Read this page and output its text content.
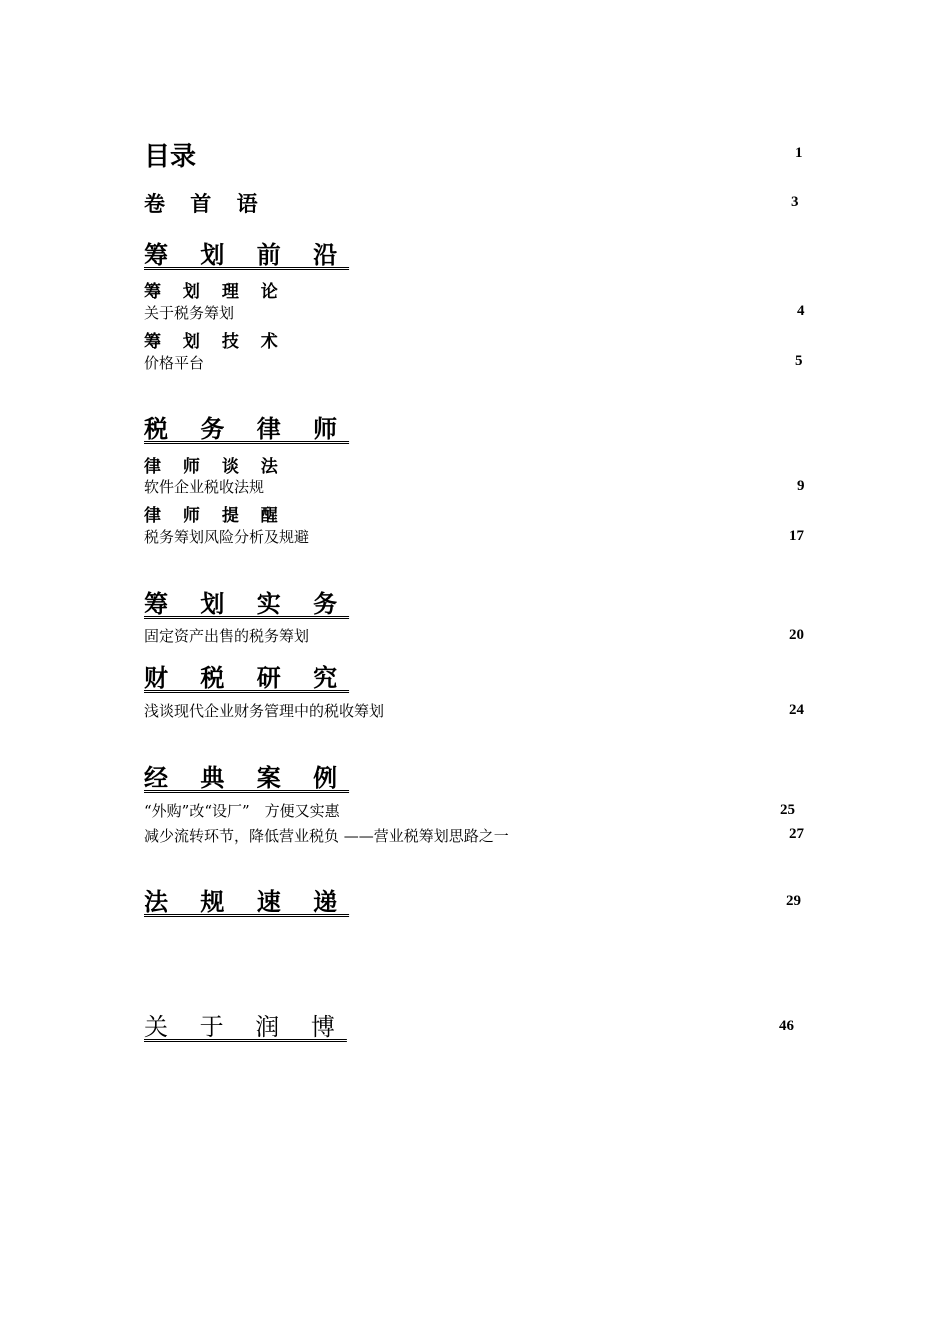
目录	1
卷 首 语	3
筹 划 前 沿
筹 划 理 论
关于税务筹划	4
筹 划 技 术
价格平台	5
税 务 律 师
律 师 谈 法
软件企业税收法规	9
律 师 提 醒
税务筹划风险分析及规避	17
筹 划 实 务
固定资产出售的税务筹划	20
财 税 研 究
浅谈现代企业财务管理中的税收筹划	24
经 典 案 例
“外购”改“设厂”　方便又实惠	25
减少流转环节，降低营业税负 ——营业税筹划思路之一	27
法 规 速 递	29
关 于 润 博	46
